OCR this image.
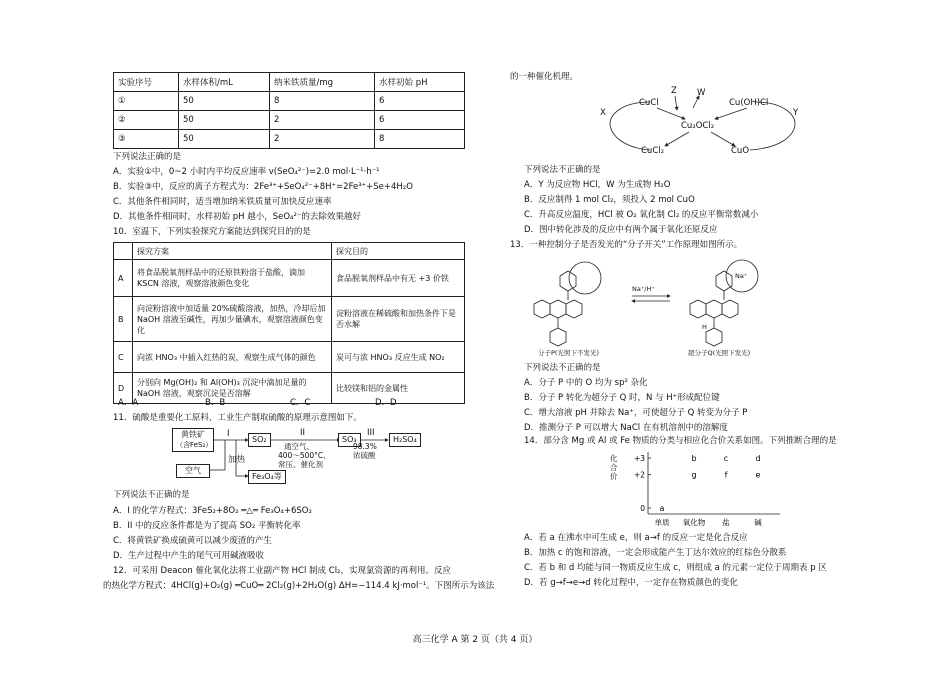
实验序号	水样体积/mL	纳米铁质量/mg	水样初始 pH
①	50	8	6
②	50	2	6
③	50	2	8
下列说法正确的是
A．实验①中，0~2 小时内平均反应速率 v(SeO₄²⁻)=2.0 mol·L⁻¹·h⁻¹
B．实验③中，反应的离子方程式为：2Fe³⁺+SeO₄²⁻+8H⁺=2Fe³⁺+Se+4H₂O
C．其他条件相同时，适当增加纳米铁质量可加快反应速率
D．其他条件相同时，水样初始 pH 越小，SeO₄²⁻的去除效果越好
10．室温下，下列实验探究方案能达到探究目的的是
	探究方案	探究目的
A	将食品脱氧剂样品中的还原铁粉溶于盐酸，滴加 KSCN 溶液，观察溶液颜色变化	食品脱氧剂样品中有无 +3 价铁
B	向淀粉溶液中加适量 20%硫酸溶液，加热，冷却后加 NaOH 溶液至碱性，再加少量碘水，观察溶液颜色变化	淀粉溶液在稀硫酸和加热条件下是否水解
C	向浓 HNO₃ 中插入红热的炭，观察生成气体的颜色	炭可与浓 HNO₃ 反应生成 NO₂
D	分别向 Mg(OH)₂ 和 Al(OH)₃ 沉淀中滴加足量的 NaOH 溶液，观察沉淀是否溶解	比较镁和铝的金属性
A．A	B．B	C．C	D．D
11．硫酸是重要化工原料，工业生产制取硫酸的原理示意图如下。
黄铁矿
（含FeS₂）
空气
I
加热
SO₂
Fe₃O₄等
II
通空气、
400～500°C、
常压、催化剂
SO₃
III
98.3%
浓硫酸
H₂SO₄
下列说法不正确的是
A．I 的化学方程式：3FeS₂+8O₂ ═△═ Fe₃O₄+6SO₂
B．II 中的反应条件都是为了提高 SO₂ 平衡转化率
C．将黄铁矿换成硫黄可以减少废渣的产生
D．生产过程中产生的尾气可用碱液吸收
12．可采用 Deacon 催化氧化法将工业副产物 HCl 制成 Cl₂，实现氯资源的再利用。反应
的热化学方程式：4HCl(g)+O₂(g) ═CuO═ 2Cl₂(g)+2H₂O(g) ΔH=−114.4 kJ·mol⁻¹。下图所示为该法
的一种催化机理。
CuCl
Z W
Cu(OH)Cl
X	Y
Cu₂OCl₂
CuCl₂	CuO
下列说法不正确的是
A．Y 为反应物 HCl，W 为生成物 H₂O
B．反应制得 1 mol Cl₂，须投入 2 mol CuO
C．升高反应温度，HCl 被 O₂ 氧化制 Cl₂ 的反应平衡常数减小
D．图中转化涉及的反应中有两个属于氧化还原反应
13．一种控制分子是否发光的“分子开关”工作原理如图所示。
Na⁺/H⁺
Na⁺
H
分子P(光照下不发光)	超分子Q(光照下发光)
下列说法不正确的是
A．分子 P 中的 O 均为 sp² 杂化
B．分子 P 转化为超分子 Q 时，N 与 H⁺形成配位键
C．增大溶液 pH 并除去 Na⁺，可使超分子 Q 转变为分子 P
D．推测分子 P 可以增大 NaCl 在有机溶剂中的溶解度
14．部分含 Mg 或 Al 或 Fe 物质的分类与相应化合价关系如图。下列推断合理的是
+3
+2
0
单质 氧化物 盐	碱
a
b	c	d
g	f	e
化合价
A．若 a 在沸水中可生成 e，则 a→f 的反应一定是化合反应
B．加热 c 的饱和溶液，一定会形成能产生丁达尔效应的红棕色分散系
C．若 b 和 d 均能与同一物质反应生成 c，则组成 a 的元素一定位于周期表 p 区
D．若 g→f→e→d 转化过程中，一定存在物质颜色的变化
高三化学 A 第 2 页（共 4 页）
